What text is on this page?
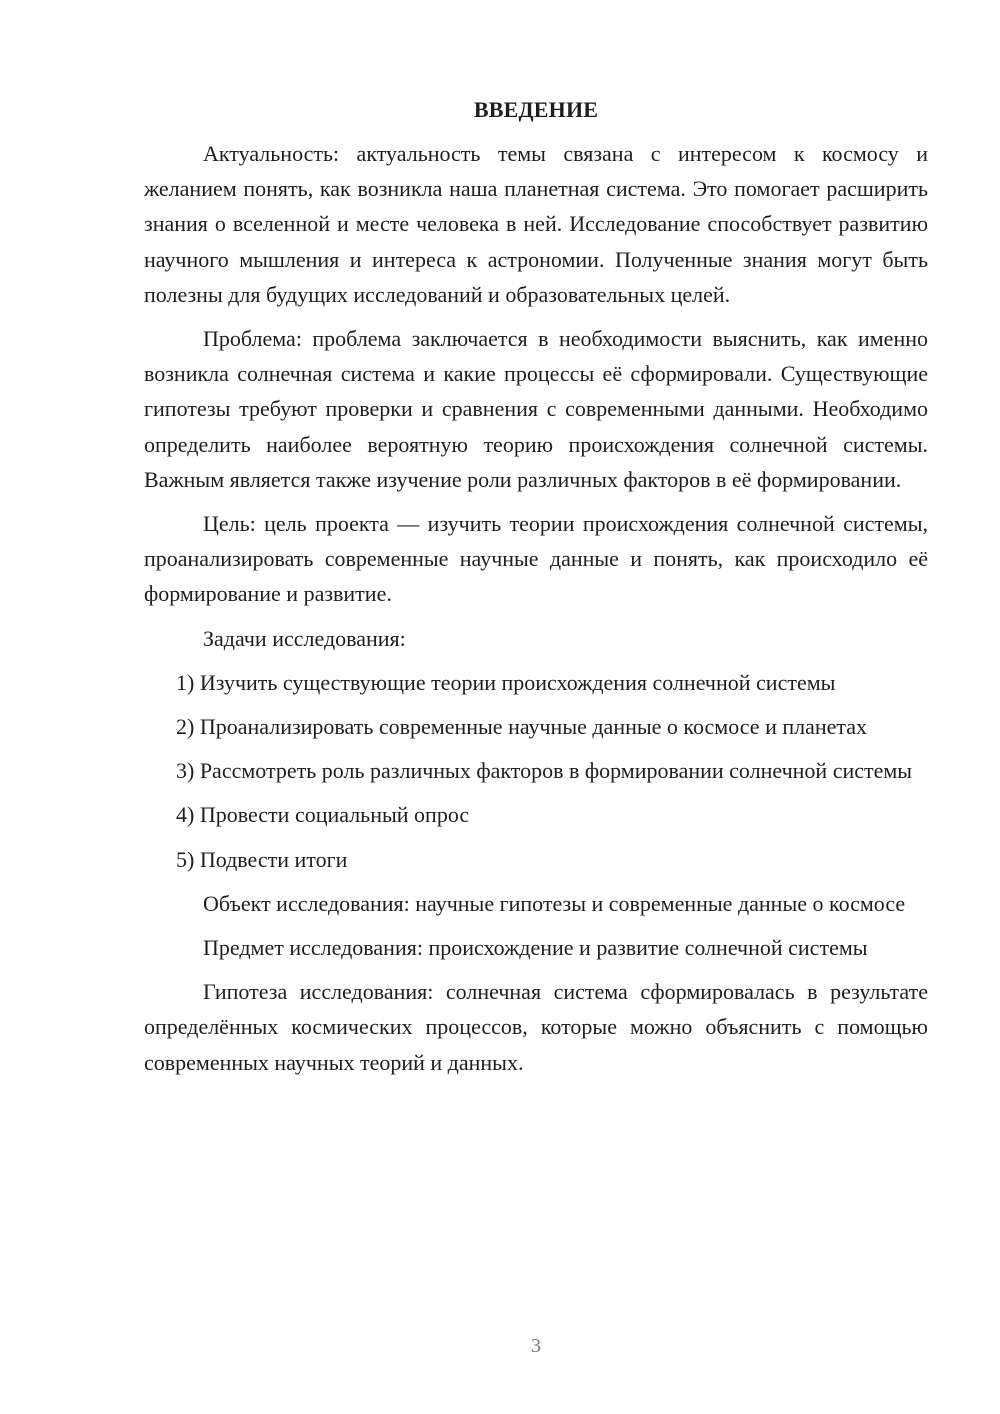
ВВЕДЕНИЕ

Актуальность: актуальность темы связана с интересом к космосу и желанием понять, как возникла наша планетная система. Это помогает расширить знания о вселенной и месте человека в ней. Исследование способствует развитию научного мышления и интереса к астрономии. Полученные знания могут быть полезны для будущих исследований и образовательных целей.

Проблема: проблема заключается в необходимости выяснить, как именно возникла солнечная система и какие процессы её сформировали. Существующие гипотезы требуют проверки и сравнения с современными данными. Необходимо определить наиболее вероятную теорию происхождения солнечной системы. Важным является также изучение роли различных факторов в её формировании.

Цель: цель проекта — изучить теории происхождения солнечной системы, проанализировать современные научные данные и понять, как происходило её формирование и развитие.

Задачи исследования:

1) Изучить существующие теории происхождения солнечной системы

2) Проанализировать современные научные данные о космосе и планетах

3) Рассмотреть роль различных факторов в формировании солнечной системы

4) Провести социальный опрос

5) Подвести итоги

Объект исследования: научные гипотезы и современные данные о космосе

Предмет исследования: происхождение и развитие солнечной системы

Гипотеза исследования: солнечная система сформировалась в результате определённых космических процессов, которые можно объяснить с помощью современных научных теорий и данных.

3
